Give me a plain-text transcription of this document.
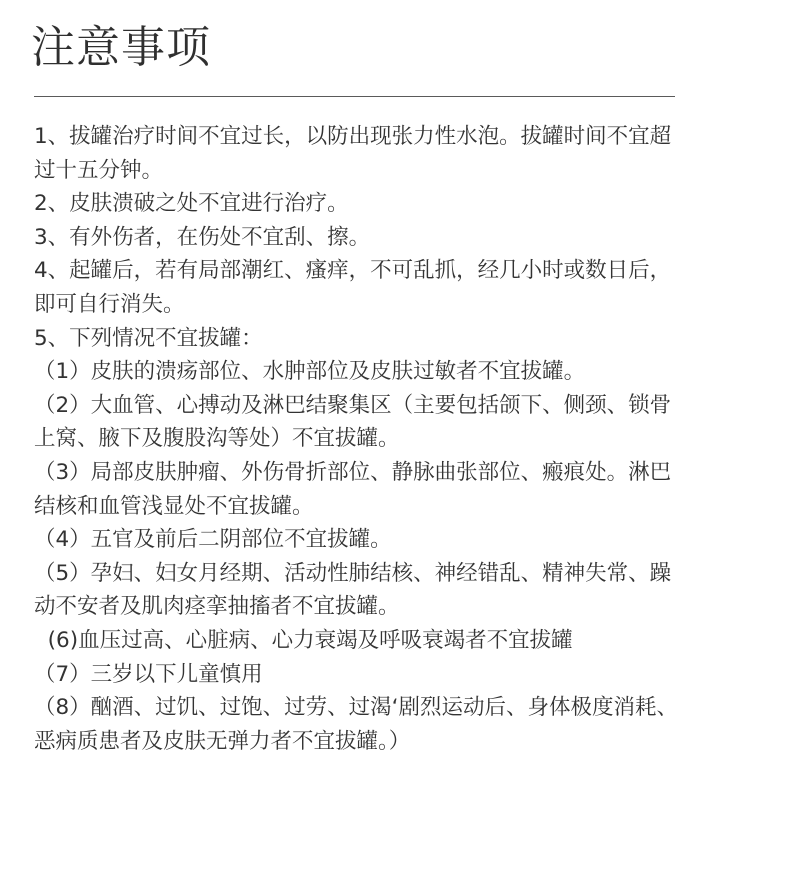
注意事项
1、拔罐治疗时间不宜过长，以防出现张力性水泡。拔罐时间不宜超
过十五分钟。
2、皮肤溃破之处不宜进行治疗。
3、有外伤者，在伤处不宜刮、擦。
4、起罐后，若有局部潮红、瘙痒，不可乱抓，经几小时或数日后，
即可自行消失。
5、下列情况不宜拔罐：
（1）皮肤的溃疡部位、水肿部位及皮肤过敏者不宜拔罐。
（2）大血管、心搏动及淋巴结聚集区（主要包括颌下、侧颈、锁骨
上窝、腋下及腹股沟等处）不宜拔罐。
（3）局部皮肤肿瘤、外伤骨折部位、静脉曲张部位、瘢痕处。淋巴
结核和血管浅显处不宜拔罐。
（4）五官及前后二阴部位不宜拔罐。
（5）孕妇、妇女月经期、活动性肺结核、神经错乱、精神失常、躁
动不安者及肌肉痉挛抽搐者不宜拔罐。
(6)血压过高、心脏病、心力衰竭及呼吸衰竭者不宜拔罐
（7）三岁以下儿童慎用
（8）酗酒、过饥、过饱、过劳、过渴‘剧烈运动后、身体极度消耗、
恶病质患者及皮肤无弹力者不宜拔罐。）
